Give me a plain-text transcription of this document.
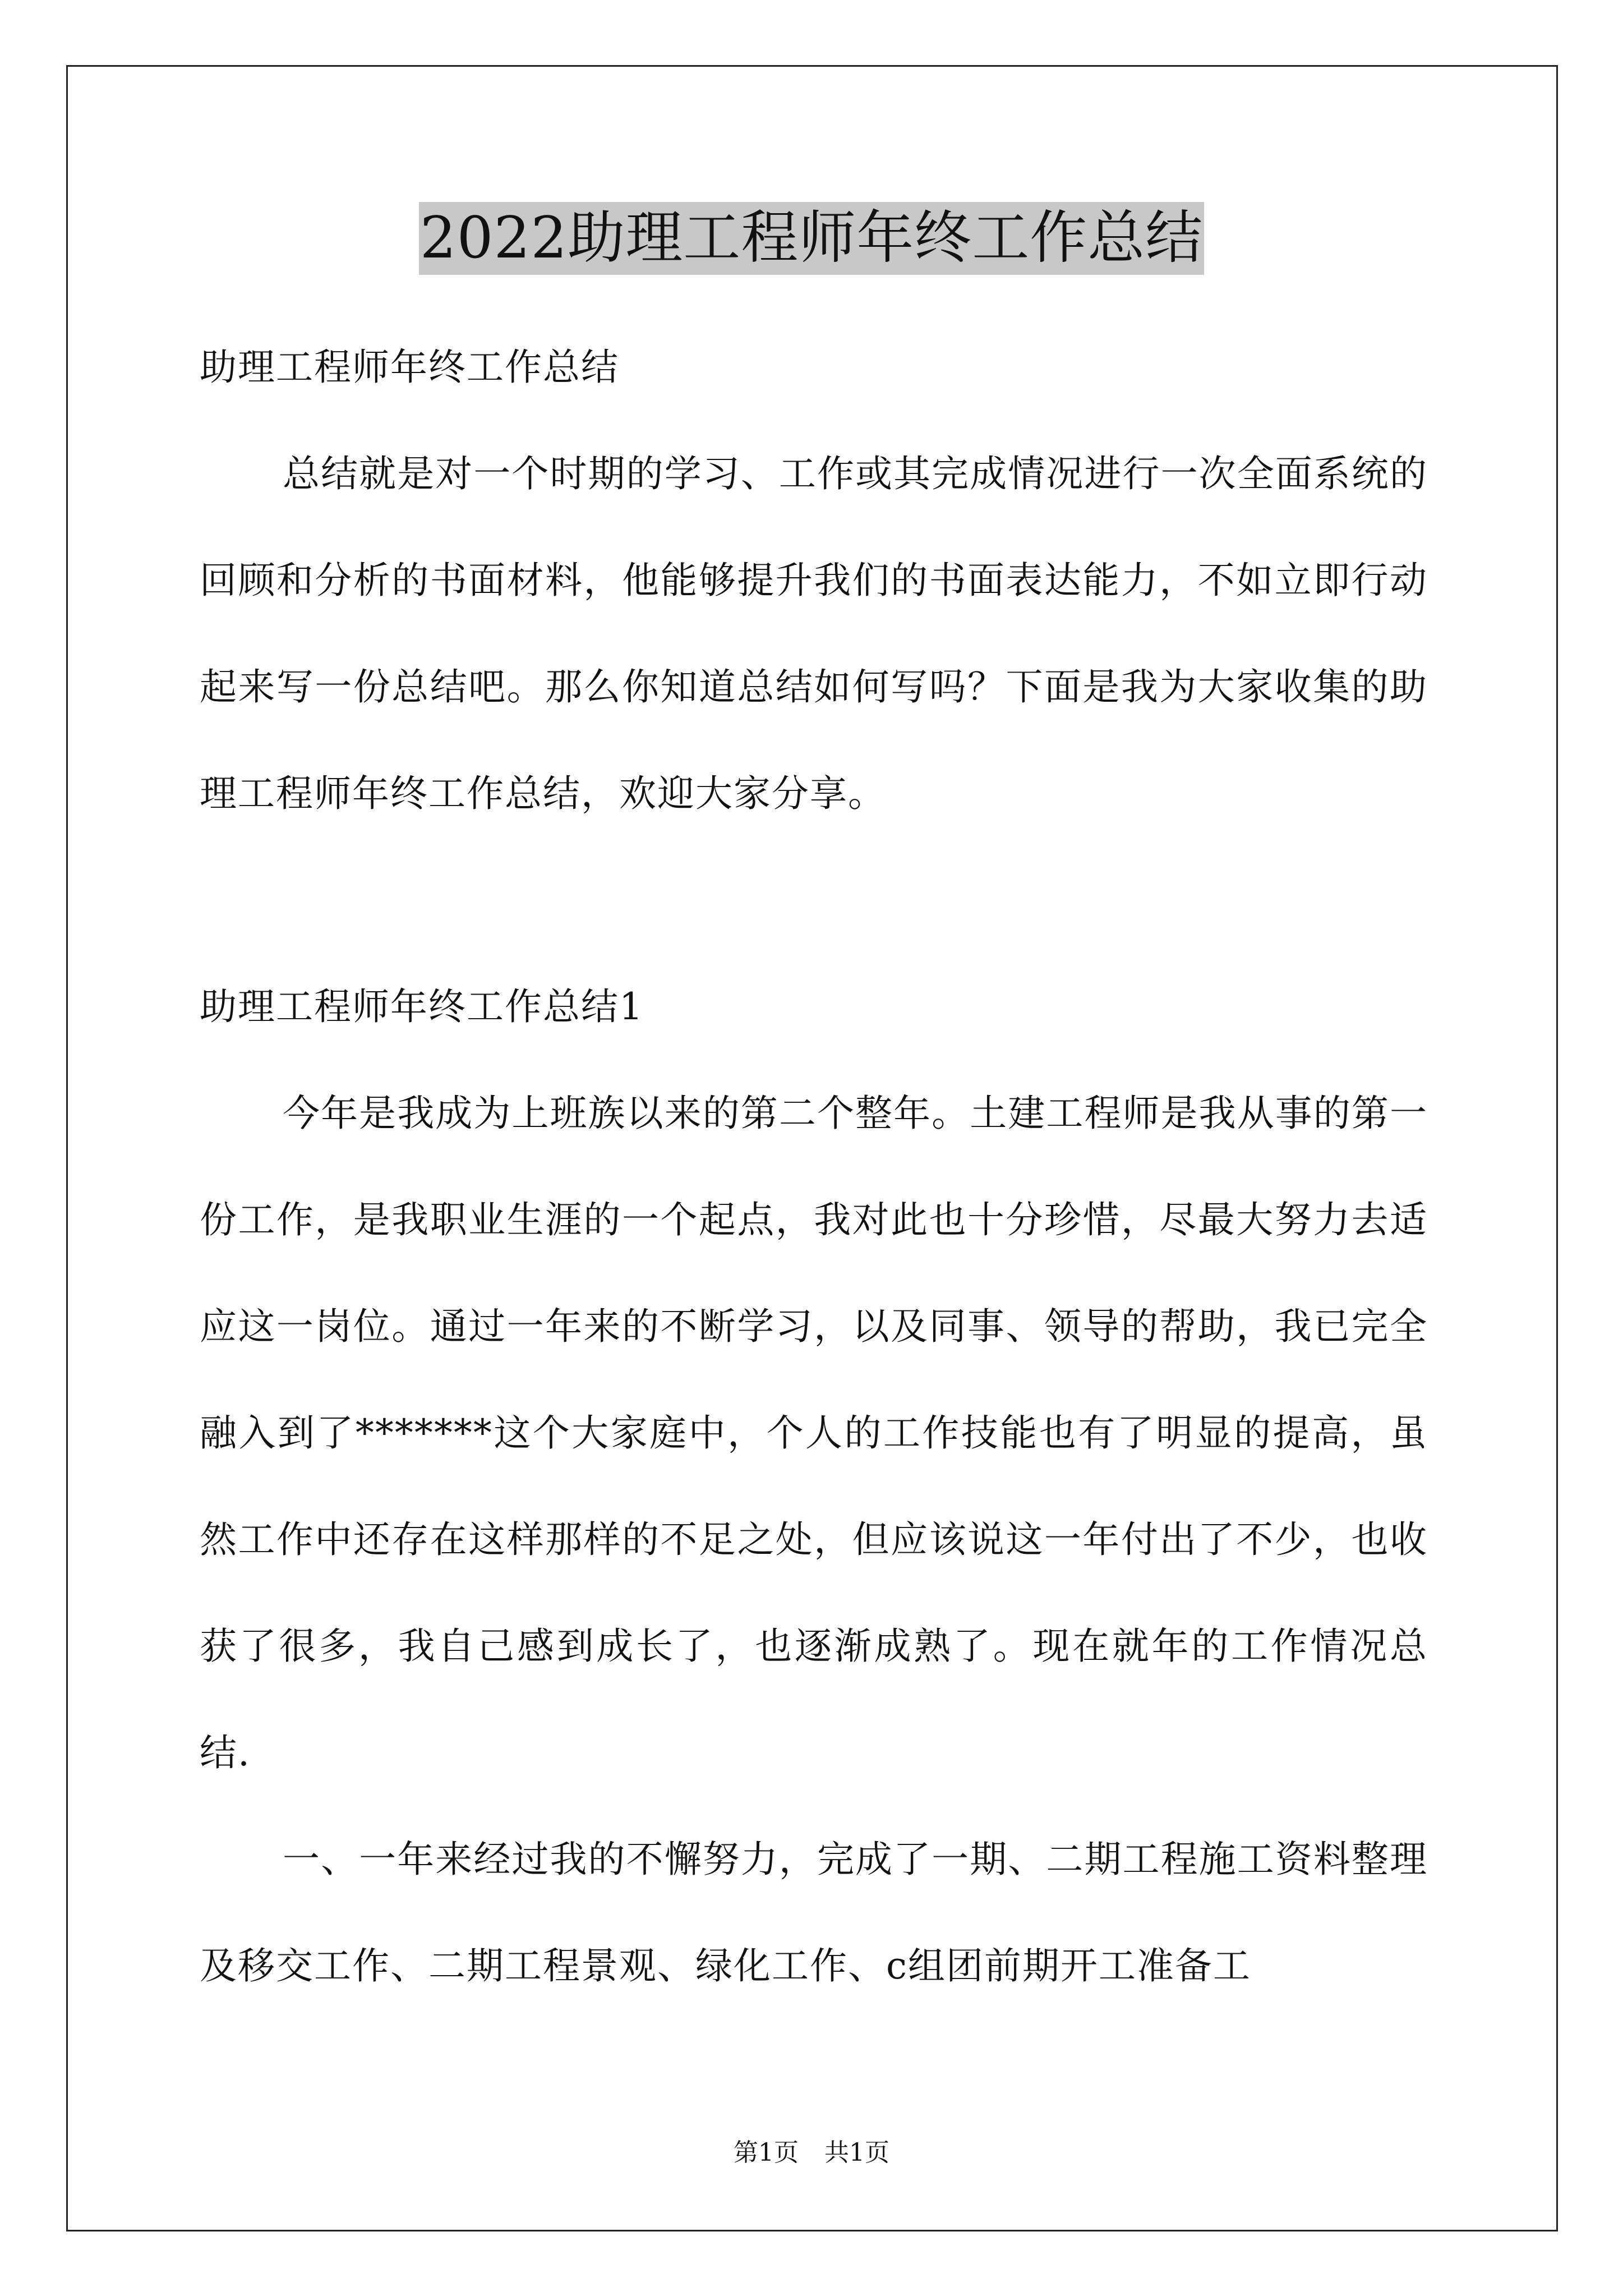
2022助理工程师年终工作总结

助理工程师年终工作总结

总结就是对一个时期的学习、工作或其完成情况进行一次全面系统的回顾和分析的书面材料，他能够提升我们的书面表达能力，不如立即行动起来写一份总结吧。那么你知道总结如何写吗？下面是我为大家收集的助理工程师年终工作总结，欢迎大家分享。

助理工程师年终工作总结1

今年是我成为上班族以来的第二个整年。土建工程师是我从事的第一份工作，是我职业生涯的一个起点，我对此也十分珍惜，尽最大努力去适应这一岗位。通过一年来的不断学习，以及同事、领导的帮助，我已完全融入到了*******这个大家庭中，个人的工作技能也有了明显的提高，虽然工作中还存在这样那样的不足之处，但应该说这一年付出了不少，也收获了很多，我自己感到成长了，也逐渐成熟了。现在就年的工作情况总结.

一、一年来经过我的不懈努力，完成了一期、二期工程施工资料整理及移交工作、二期工程景观、绿化工作、c组团前期开工准备工

第1页 共1页
